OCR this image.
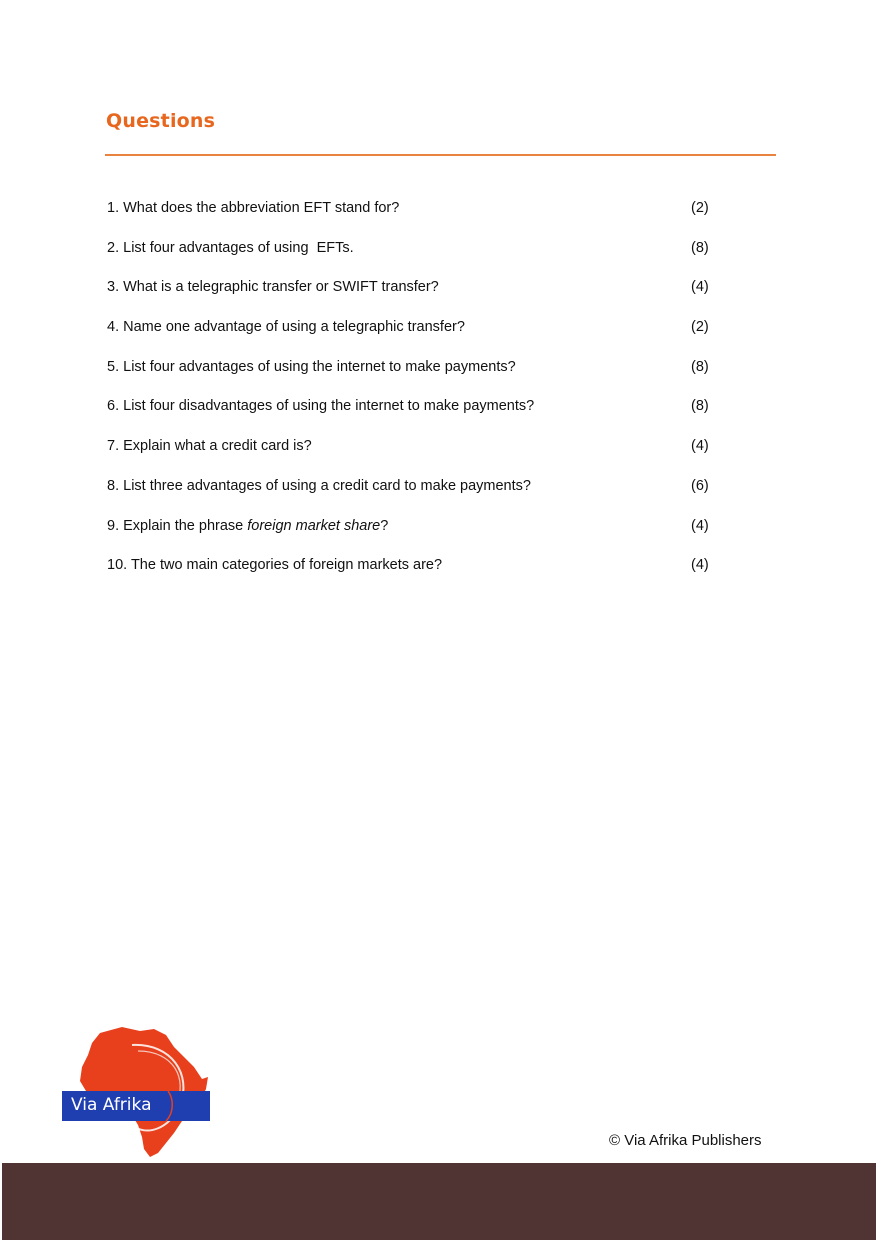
Questions
1. What does the abbreviation EFT stand for?	(2)
2. List four advantages of using  EFTs.	(8)
3. What is a telegraphic transfer or SWIFT transfer?	(4)
4. Name one advantage of using a telegraphic transfer?	(2)
5. List four advantages of using the internet to make payments?	(8)
6. List four disadvantages of using the internet to make payments?	(8)
7. Explain what a credit card is?	(4)
8. List three advantages of using a credit card to make payments?	(6)
9. Explain the phrase foreign market share?	(4)
10. The two main categories of foreign markets are?	(4)
Via Afrika
© Via Afrika Publishers
